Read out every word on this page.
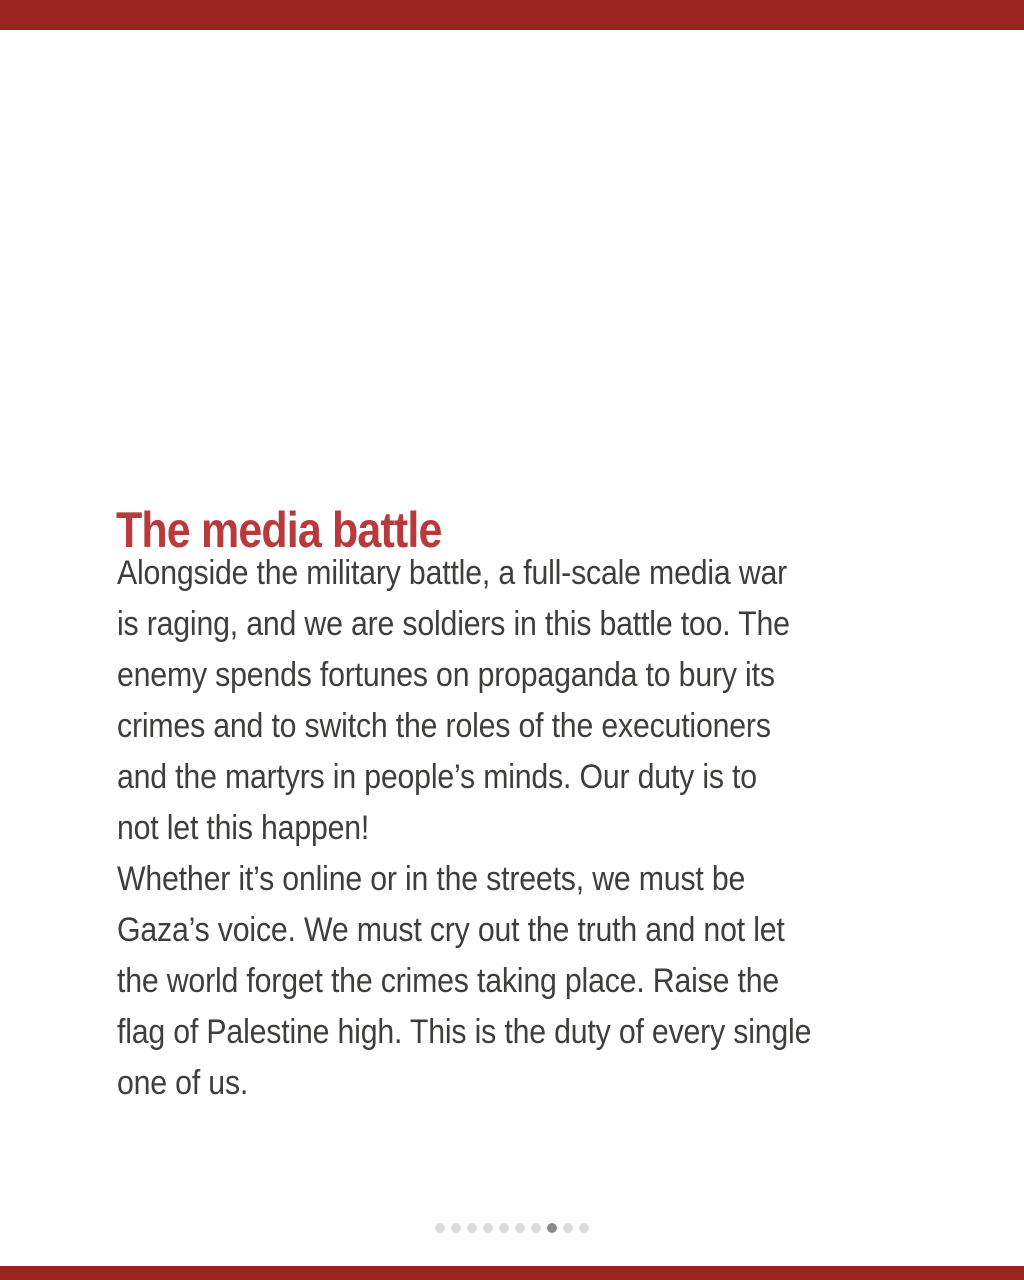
The media battle
Alongside the military battle, a full-scale media war
is raging, and we are soldiers in this battle too. The
enemy spends fortunes on propaganda to bury its
crimes and to switch the roles of the executioners
and the martyrs in people’s minds. Our duty is to
not let this happen!
Whether it’s online or in the streets, we must be
Gaza’s voice. We must cry out the truth and not let
the world forget the crimes taking place. Raise the
flag of Palestine high. This is the duty of every single
one of us.
